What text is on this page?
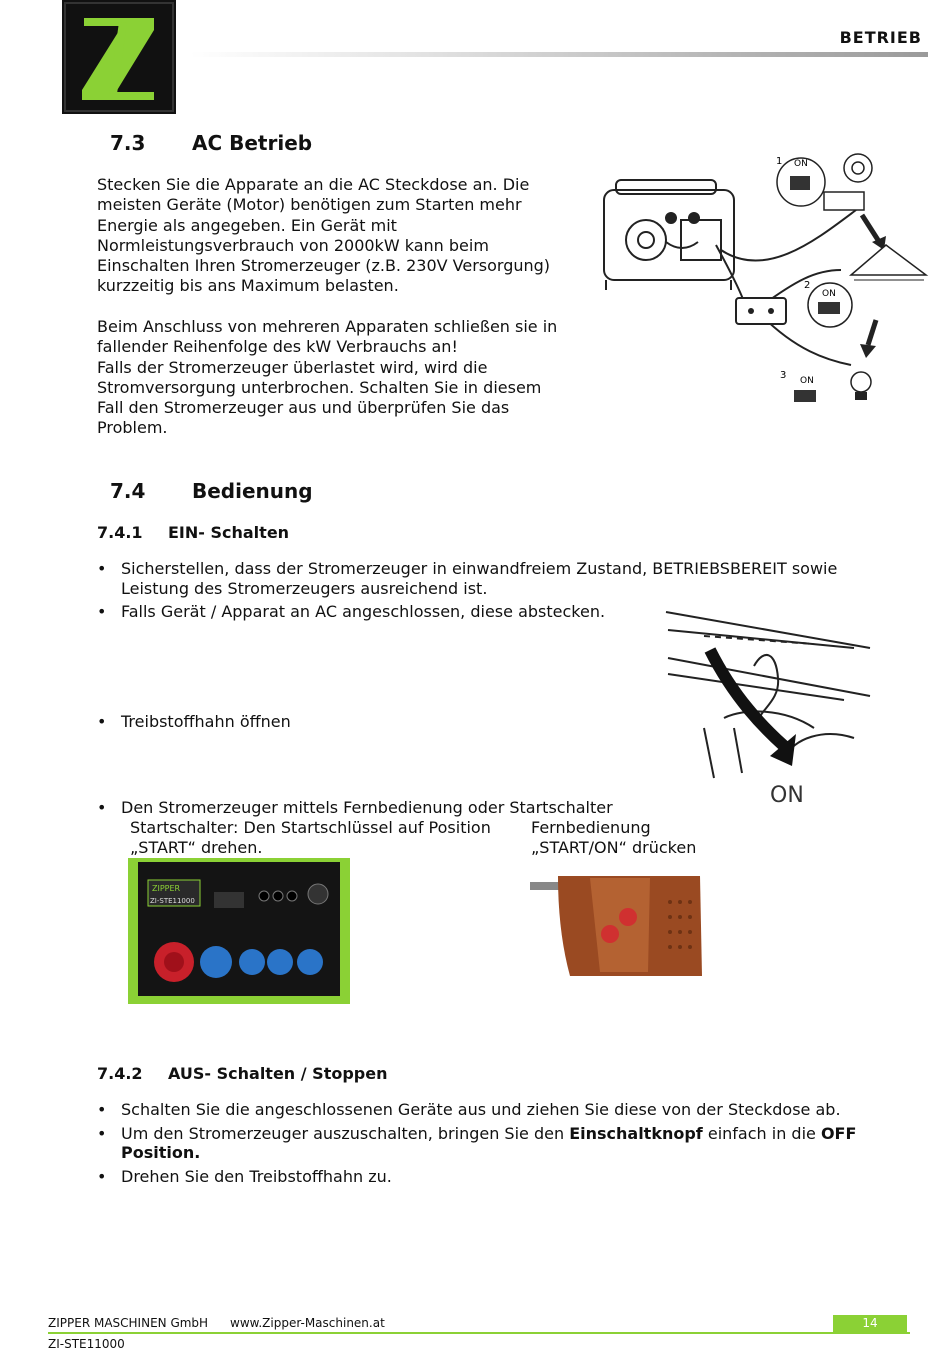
BETRIEB
7.3 AC Betrieb

Stecken Sie die Apparate an die AC Steckdose an. Die
meisten Geräte (Motor) benötigen zum Starten mehr
Energie als angegeben. Ein Gerät mit
Normleistungsverbrauch von 2000kW kann beim
Einschalten Ihren Stromerzeuger (z.B. 230V Versorgung)
kurzzeitig bis ans Maximum belasten.

Beim Anschluss von mehreren Apparaten schließen sie in
fallender Reihenfolge des kW Verbrauchs an!
Falls der Stromerzeuger überlastet wird, wird die
Stromversorgung unterbrochen. Schalten Sie in diesem
Fall den Stromerzeuger aus und überprüfen Sie das
Problem.

1 ON
2
ON
3 ON
7.4 Bedienung
7.4.1 EIN- Schalten
• Sicherstellen, dass der Stromerzeuger in einwandfreiem Zustand, BETRIEBSBEREIT sowie
Leistung des Stromerzeugers ausreichend ist.
• Falls Gerät / Apparat an AC angeschlossen, diese abstecken.
• Treibstoffhahn öffnen
ON
• Den Stromerzeuger mittels Fernbedienung oder Startschalter
Startschalter: Den Startschlüssel auf Position
„START“ drehen.
Fernbedienung
„START/ON“ drücken
ZIPPER
ZI-STE11000
7.4.2 AUS- Schalten / Stoppen
• Schalten Sie die angeschlossenen Geräte aus und ziehen Sie diese von der Steckdose ab.
• Um den Stromerzeuger auszuschalten, bringen Sie den Einschaltknopf einfach in die OFF
Position.
• Drehen Sie den Treibstoffhahn zu.
ZIPPER MASCHINEN GmbH www.Zipper-Maschinen.at	14
ZI-STE11000
